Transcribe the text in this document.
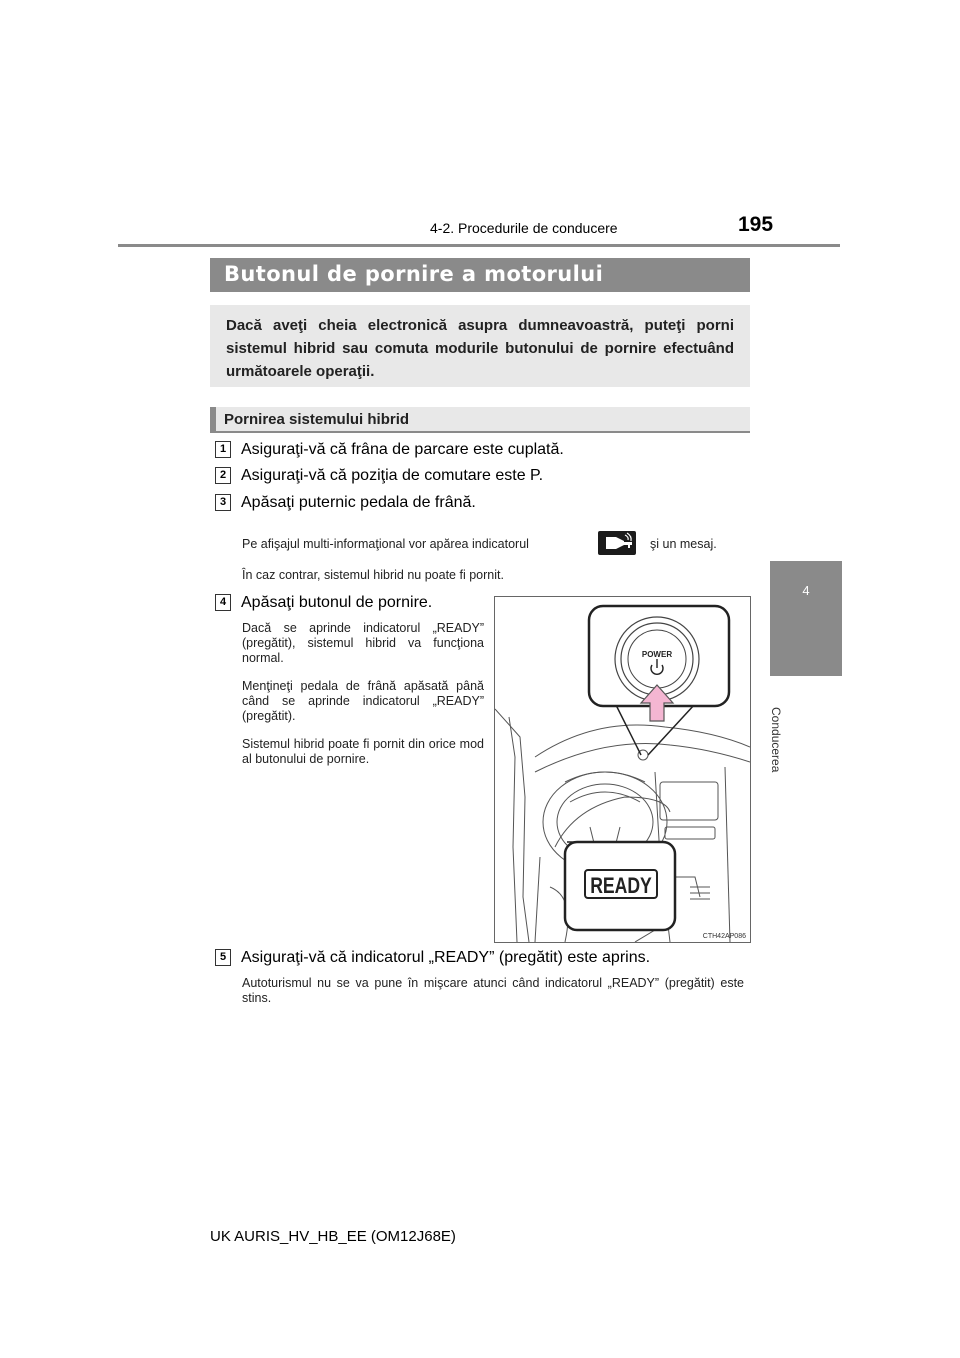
4-2. Procedurile de conducere	195
4
Conducerea
Butonul de pornire a motorului
Dacă aveţi cheia electronică asupra dumneavoastră, puteţi porni sistemul hibrid sau comuta modurile butonului de pornire efectuând următoarele operaţii.
Pornirea sistemului hibrid
1 Asiguraţi-vă că frâna de parcare este cuplată.
2 Asiguraţi-vă că poziţia de comutare este P.
3 Apăsaţi puternic pedala de frână.
Pe afişajul multi-informaţional vor apărea indicatorul	şi un mesaj.
În caz contrar, sistemul hibrid nu poate fi pornit.
4 Apăsaţi butonul de pornire.
Dacă se aprinde indicatorul „READY” (pregătit), sistemul hibrid va funcţiona normal.
Menţineţi pedala de frână apăsată până când se aprinde indicatorul „READY” (pregătit).
Sistemul hibrid poate fi pornit din orice mod al butonului de pornire.
POWER
READY
CTH42AP086
5 Asiguraţi-vă că indicatorul „READY” (pregătit) este aprins.
Autoturismul nu se va pune în mişcare atunci când indicatorul „READY” (pregătit) este stins.
UK AURIS_HV_HB_EE (OM12J68E)
